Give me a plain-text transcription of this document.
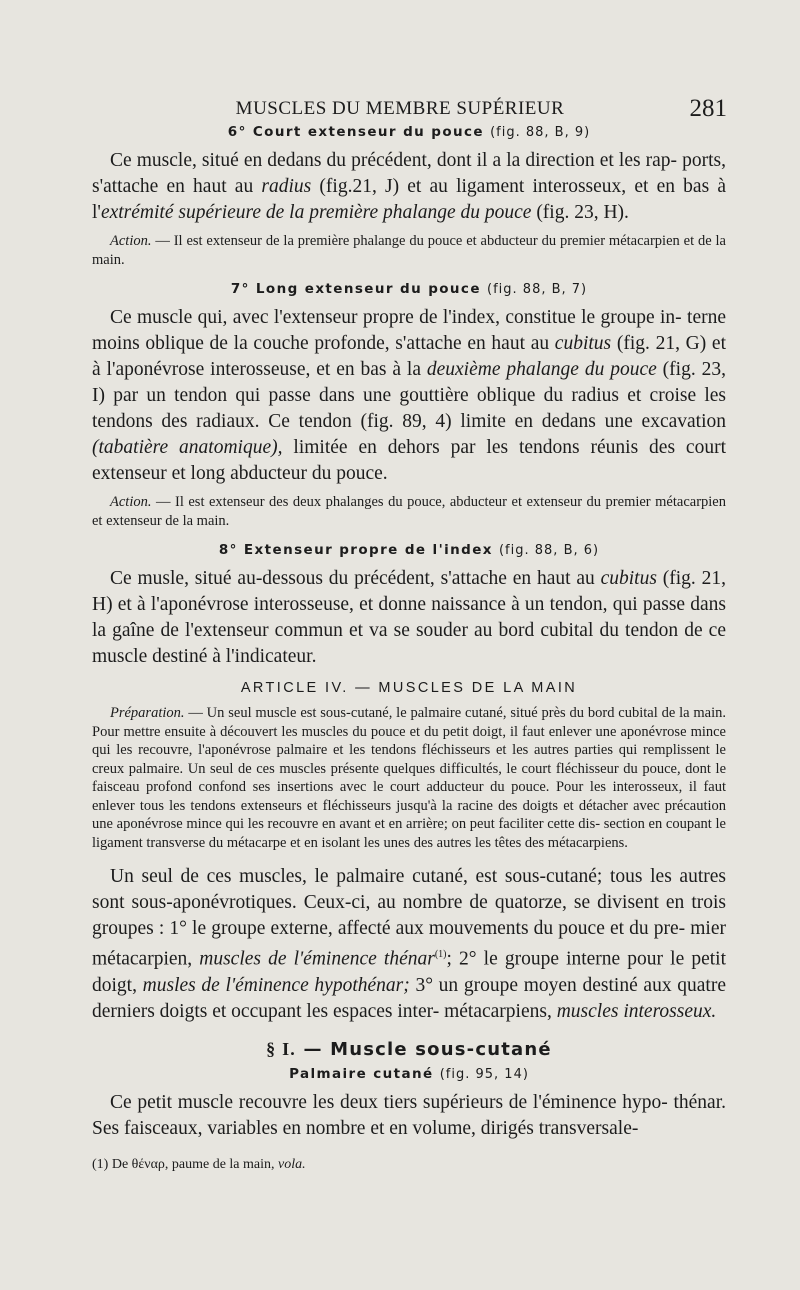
MUSCLES DU MEMBRE SUPÉRIEUR	281
6° Court extenseur du pouce (fig. 88, B, 9)

Ce muscle, situé en dedans du précédent, dont il a la direction et les rap- ports, s'attache en haut au radius (fig.21, J) et au ligament interosseux, et en bas à l'extrémité supérieure de la première phalange du pouce (fig. 23, H).

Action. — Il est extenseur de la première phalange du pouce et abducteur du premier métacarpien et de la main.

7° Long extenseur du pouce (fig. 88, B, 7)

Ce muscle qui, avec l'extenseur propre de l'index, constitue le groupe in- terne moins oblique de la couche profonde, s'attache en haut au cubitus (fig. 21, G) et à l'aponévrose interosseuse, et en bas à la deuxième phalange du pouce (fig. 23, I) par un tendon qui passe dans une gouttière oblique du radius et croise les tendons des radiaux. Ce tendon (fig. 89, 4) limite en dedans une excavation (tabatière anatomique), limitée en dehors par les tendons réunis des court extenseur et long abducteur du pouce.

Action. — Il est extenseur des deux phalanges du pouce, abducteur et extenseur du premier métacarpien et extenseur de la main.

8° Extenseur propre de l'index (fig. 88, B, 6)

Ce musle, situé au-dessous du précédent, s'attache en haut au cubitus (fig. 21, H) et à l'aponévrose interosseuse, et donne naissance à un tendon, qui passe dans la gaîne de l'extenseur commun et va se souder au bord cubital du tendon de ce muscle destiné à l'indicateur.

ARTICLE IV. — MUSCLES DE LA MAIN

Préparation. — Un seul muscle est sous-cutané, le palmaire cutané, situé près du bord cubital de la main. Pour mettre ensuite à découvert les muscles du pouce et du petit doigt, il faut enlever une aponévrose mince qui les recouvre, l'aponévrose palmaire et les tendons fléchisseurs et les autres parties qui remplissent le creux palmaire. Un seul de ces muscles présente quelques difficultés, le court fléchisseur du pouce, dont le faisceau profond confond ses insertions avec le court adducteur du pouce. Pour les interosseux, il faut enlever tous les tendons extenseurs et fléchisseurs jusqu'à la racine des doigts et détacher avec précaution une aponévrose mince qui les recouvre en avant et en arrière; on peut faciliter cette dis- section en coupant le ligament transverse du métacarpe et en isolant les unes des autres les têtes des métacarpiens.

Un seul de ces muscles, le palmaire cutané, est sous-cutané; tous les autres sont sous-aponévrotiques. Ceux-ci, au nombre de quatorze, se divisent en trois groupes : 1° le groupe externe, affecté aux mouvements du pouce et du pre- mier métacarpien, muscles de l'éminence thénar$^{(1)}$; 2° le groupe interne pour le petit doigt, musles de l'éminence hypothénar; 3° un groupe moyen destiné aux quatre derniers doigts et occupant les espaces inter- métacarpiens, muscles interosseux.

§ I. — Muscle sous-cutané
Palmaire cutané (fig. 95, 14)

Ce petit muscle recouvre les deux tiers supérieurs de l'éminence hypo- thénar. Ses faisceaux, variables en nombre et en volume, dirigés transversale-

(1) De θέναρ, paume de la main, vola.
